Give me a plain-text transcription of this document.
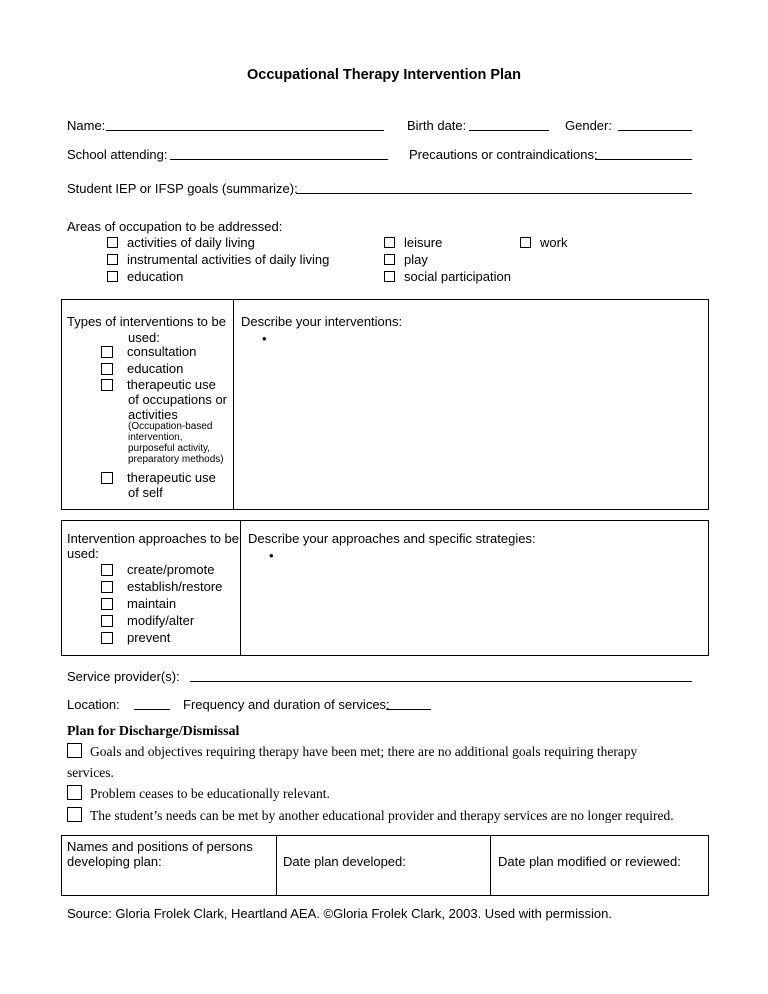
Occupational Therapy Intervention Plan
Name:	Birth date:	Gender:
School attending:	Precautions or contraindications:
Student IEP or IFSP goals (summarize):
Areas of occupation to be addressed:
activities of daily living
instrumental activities of daily living
education
leisure
play
social participation
work
Types of interventions to be
used:
consultation
education
therapeutic use
of occupations or
activities
(Occupation-based
intervention,
purposeful activity,
preparatory methods)
therapeutic use
of self
Describe your interventions:
•
Intervention approaches to be
used:
create/promote
establish/restore
maintain
modify/alter
prevent
Describe your approaches and specific strategies:
•
Service provider(s):
Location:	Frequency and duration of services:
Plan for Discharge/Dismissal
Goals and objectives requiring therapy have been met; there are no additional goals requiring therapy
services.
Problem ceases to be educationally relevant.
The student’s needs can be met by another educational provider and therapy services are no longer required.
Names and positions of persons
developing plan:	Date plan developed:	Date plan modified or reviewed:
Source: Gloria Frolek Clark, Heartland AEA. ©Gloria Frolek Clark, 2003. Used with permission.
